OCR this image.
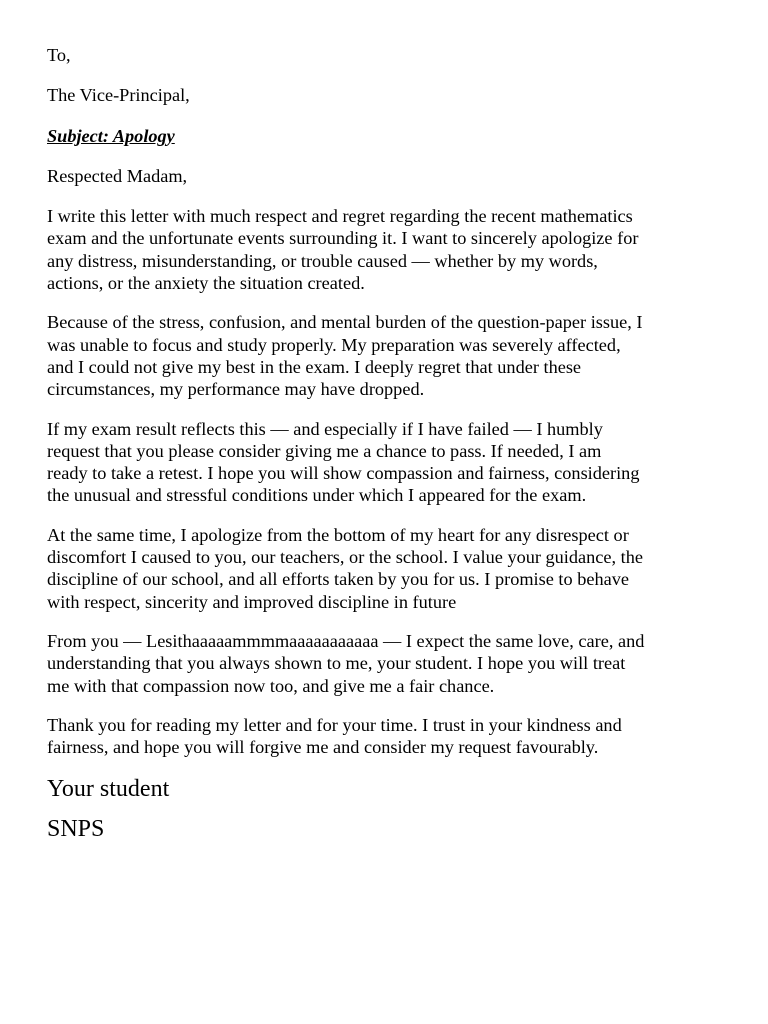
To,

The Vice-Principal,

Subject: Apology

Respected Madam,

I write this letter with much respect and regret regarding the recent mathematics
exam and the unfortunate events surrounding it. I want to sincerely apologize for
any distress, misunderstanding, or trouble caused — whether by my words,
actions, or the anxiety the situation created.
Because of the stress, confusion, and mental burden of the question-paper issue, I
was unable to focus and study properly. My preparation was severely affected,
and I could not give my best in the exam. I deeply regret that under these
circumstances, my performance may have dropped.
If my exam result reflects this — and especially if I have failed — I humbly
request that you please consider giving me a chance to pass. If needed, I am
ready to take a retest. I hope you will show compassion and fairness, considering
the unusual and stressful conditions under which I appeared for the exam.
At the same time, I apologize from the bottom of my heart for any disrespect or
discomfort I caused to you, our teachers, or the school. I value your guidance, the
discipline of our school, and all efforts taken by you for us. I promise to behave
with respect, sincerity and improved discipline in future
From you — Lesithaaaaammmmaaaaaaaaaaa — I expect the same love, care, and
understanding that you always shown to me, your student. I hope you will treat
me with that compassion now too, and give me a fair chance.
Thank you for reading my letter and for your time. I trust in your kindness and
fairness, and hope you will forgive me and consider my request favourably.

Your student

SNPS
